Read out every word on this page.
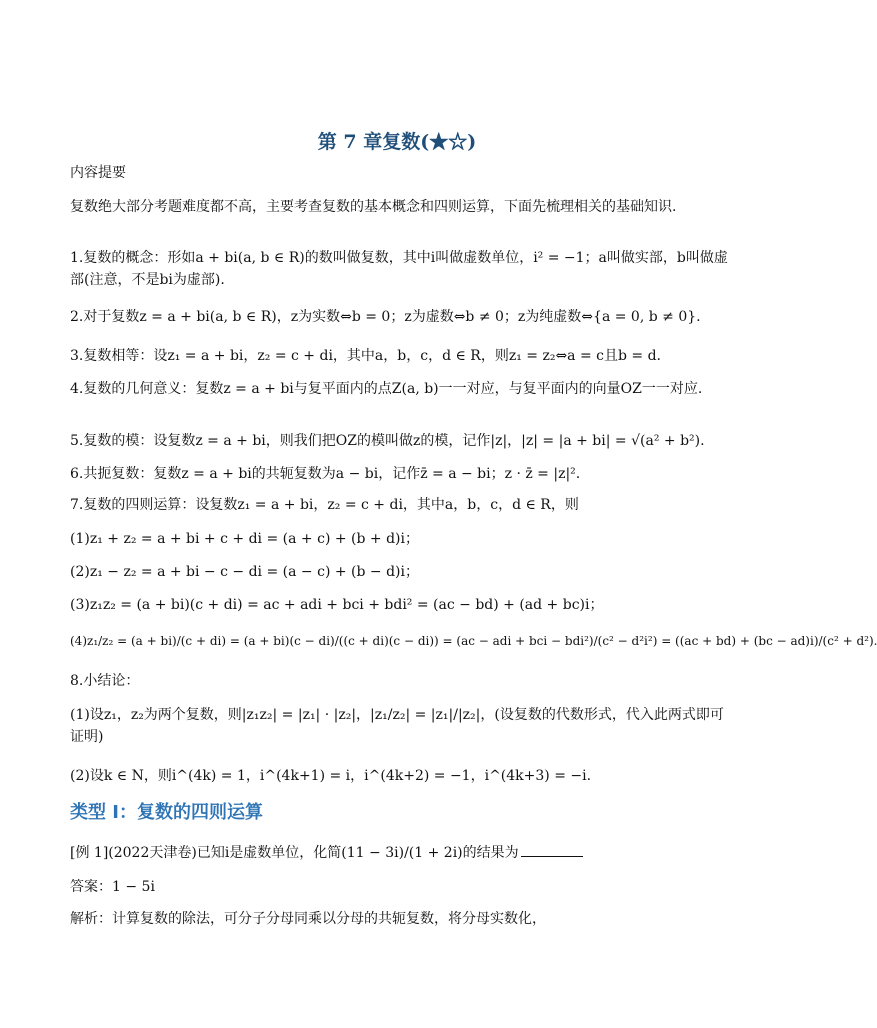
第 7 章复数(★☆)
内容提要
复数绝大部分考题难度都不高，主要考查复数的基本概念和四则运算，下面先梳理相关的基础知识.
1.复数的概念：形如a + bi(a, b ∈ R)的数叫做复数，其中i叫做虚数单位，i² = −1；a叫做实部，b叫做虚部(注意，不是bi为虚部).
2.对于复数z = a + bi(a, b ∈ R)，z为实数⇔b = 0；z为虚数⇔b ≠ 0；z为纯虚数⇔{a = 0, b ≠ 0}.
3.复数相等：设z₁ = a + bi，z₂ = c + di，其中a，b，c，d ∈ R，则z₁ = z₂⇔a = c且b = d.
4.复数的几何意义：复数z = a + bi与复平面内的点Z(a, b)一一对应，与复平面内的向量OZ一一对应.
5.复数的模：设复数z = a + bi，则我们把OZ的模叫做z的模，记作|z|，|z| = |a + bi| = √(a² + b²).
6.共扼复数：复数z = a + bi的共轭复数为a − bi，记作z̄ = a − bi；z · z̄ = |z|².
7.复数的四则运算：设复数z₁ = a + bi，z₂ = c + di，其中a，b，c，d ∈ R，则
(1)z₁ + z₂ = a + bi + c + di = (a + c) + (b + d)i；
(2)z₁ − z₂ = a + bi − c − di = (a − c) + (b − d)i；
(3)z₁z₂ = (a + bi)(c + di) = ac + adi + bci + bdi² = (ac − bd) + (ad + bc)i；
(4)z₁/z₂ = (a + bi)/(c + di) = (a + bi)(c − di)/((c + di)(c − di)) = (ac − adi + bci − bdi²)/(c² − d²i²) = ((ac + bd) + (bc − ad)i)/(c² + d²).
8.小结论：
(1)设z₁，z₂为两个复数，则|z₁z₂| = |z₁| · |z₂|，|z₁/z₂| = |z₁|/|z₂|，(设复数的代数形式，代入此两式即可证明)
(2)设k ∈ N，则i^(4k) = 1，i^(4k+1) = i，i^(4k+2) = −1，i^(4k+3) = −i.
类型 I：复数的四则运算
[例 1](2022天津卷)已知i是虚数单位，化简(11 − 3i)/(1 + 2i)的结果为
答案：1 − 5i
解析：计算复数的除法，可分子分母同乘以分母的共轭复数，将分母实数化，
